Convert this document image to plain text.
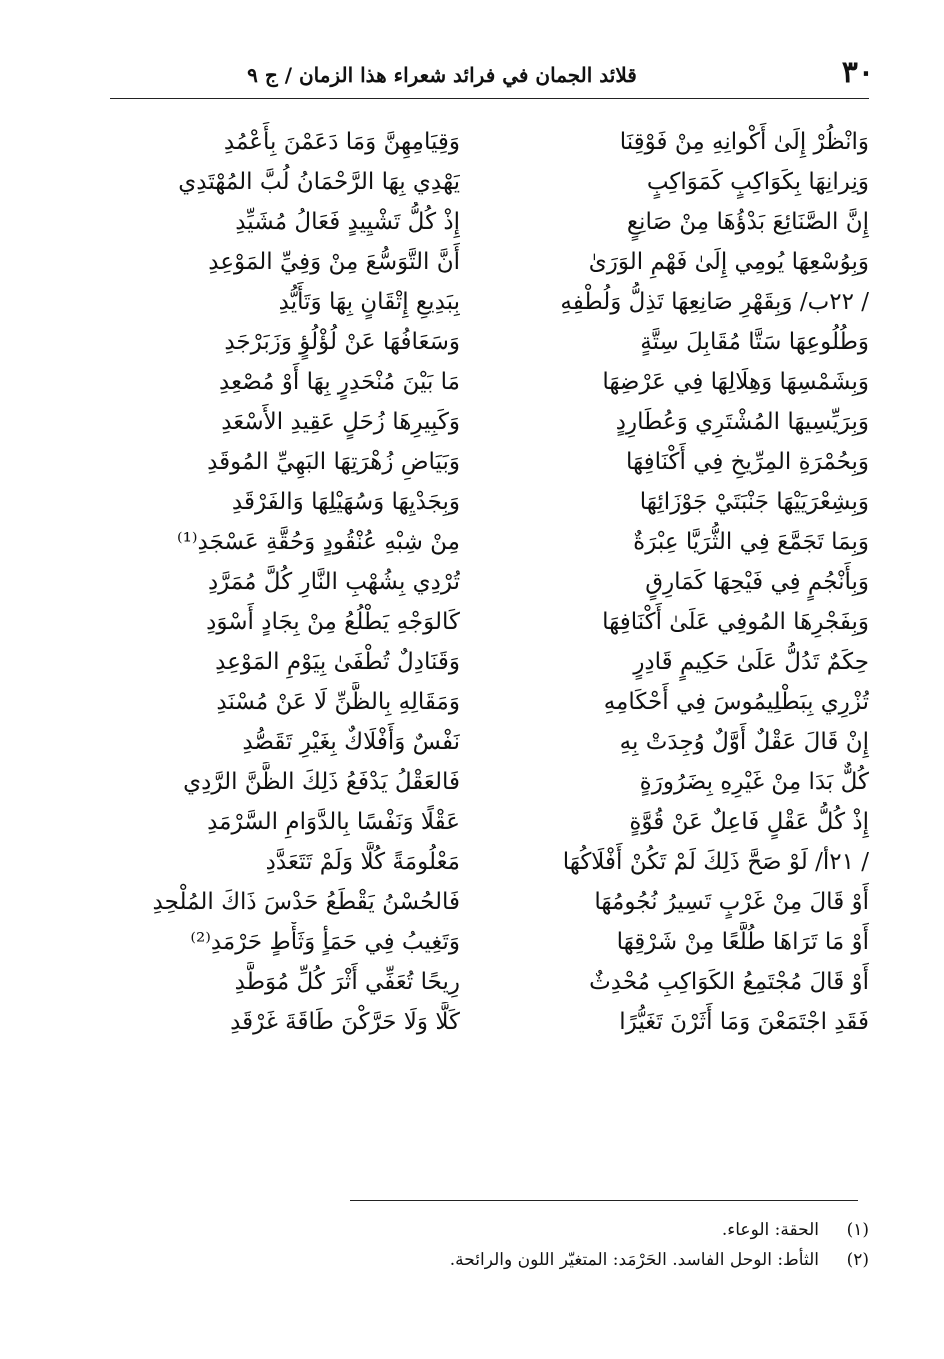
٣٠
قلائد الجمان في فرائد شعراء هذا الزمان / ج ٩
وَانْظُرْ إِلَىٰ أَكْوانِهِ مِنْ فَوْقِنَا
وَقِيَامِهِنَّ وَمَا دَعَمْنَ بِأَعْمُدِ
وَنِرانِهَا بِكَوَاكِبٍ كَمَوَاكِبٍ
يَهْدِي بِهَا الرَّحْمَانُ لُبَّ المُهْتَدِي
إِنَّ الصَّنَائِعَ بَدْؤُهَا مِنْ صَانِعٍ
إِذْ كُلُّ تَشْيِيدٍ فَعَالُ مُشَيِّدِ
وَبِوُسْعِهَا يُومِي إِلَىٰ فَهْمِ الوَرَىٰ
أَنَّ التَّوَسُّعَ مِنْ وَفِيِّ المَوْعِدِ
/ ٢٢ب/ وَبِقَهْرِ صَانِعِهَا تَذِلُّ وَلُطْفِهِ
بِبَدِيعِ إِتْقَانٍ بِهَا وَتَأَيُّدِ
وَطُلُوعِهَا سَتَّا مُقَابِلَ سِتَّةٍ
وَسَعَافُهَا عَنْ لُؤْلُؤٍ وَزَبَرْجَدِ
وَبِشَمْسِهَا وَهِلَالِهَا فِي عَرْضِهَا
مَا بَيْنَ مُنْحَدِرٍ بِهَا أَوْ مُصْعِدِ
وَبِرَيِّسِيهَا المُشْتَرِي وَعُطَارِدٍ
وَكَبِيرِهَا زُحَلٍ عَقِيدِ الأَسْعَدِ
وَبِحُمْرَةِ المِرِّيخِ فِي أَكْنَافِهَا
وَبَيَاضِ زُهْرَتِهَا البَهِيِّ المُوقَدِ
وَبِشِعْرَيَيْهَا جَنْبَتَيْ جَوْزَائِهَا
وَبِجَدْيِهَا وَسُهَيْلِهَا وَالفَرْقَدِ
وَبِمَا تَجَمَّعَ فِي الثُّرَيَّا عِبْرَةٌ
مِنْ شِبْهِ عُنْقُودٍ وَحُقَّةِ عَسْجَدِ⁽¹⁾
وَبِأَنْجُمٍ فِي فَيْحِهَا كَمَارِقٍ
تُرْدِي بِشُهْبِ النَّارِ كُلَّ مُمَرَّدِ
وَبِفَجْرِهَا المُوفِي عَلَىٰ أَكْنَافِهَا
كَالوَجْهِ يَطْلُعُ مِنْ بِجَادٍ أَسْوَدِ
حِكَمٌ تَدُلُّ عَلَىٰ حَكِيمٍ قَادِرٍ
وَقَنَادِلٌ تُطْفَىٰ بِيَوْمِ المَوْعِدِ
تُزْرِي بِبَطْلِيمُوسَ فِي أَحْكَامِهِ
وَمَقَالِهِ بِالظَّنِّ لَا عَنْ مُسْنَدِ
إِنْ قَالَ عَقْلٌ أَوَّلٌ وُجِدَتْ بِهِ
نَفْسٌ وَأَفْلَاكٌ بِغَيْرِ تَقَصُّدِ
كُلٌّ بَدَا مِنْ غَيْرِهِ بِضَرُورَةٍ
فَالعَقْلُ يَدْفَعُ ذَلِكَ الظَّنَّ الرَّدِي
إِذْ كُلُّ عَقْلٍ فَاعِلٌ عَنْ قُوَّةٍ
عَقْلًا وَنَفْسًا بِالدَّوَامِ السَّرْمَدِ
/ ٢١أ/ لَوْ صَحَّ ذَلِكَ لَمْ تَكُنْ أَفْلَاكُهَا
مَعْلُومَةً كُلًّا وَلَمْ تَتَعَدَّدِ
أَوْ قَالَ مِنْ غَرْبٍ تَسِيرُ نُجُومُهَا
فَالحُسْنُ يَقْطَعُ حَدْسَ ذَاكَ المُلْحِدِ
أَوْ مَا تَرَاهَا طُلَّعًا مِنْ شَرْقِهَا
وَتَغِيبُ فِي حَمَأٍ وَثَأْطٍ حَرْمَدِ⁽²⁾
أَوْ قَالَ مُجْتَمِعُ الكَوَاكِبِ مُحْدِثٌ
رِيحًا تُعَفِّي أَثْرَ كُلِّ مُوَطَّدِ
فَقَدِ اجْتَمَعْنَ وَمَا أَثَرْنَ تَغَيُّرًا
كَلَّا وَلَا حَرَّكْنَ طَاقَةَ غَرْقَدِ
(١)الحقة: الوعاء.
(٢)الثأط: الوحل الفاسد. الحَرْمَد: المتغيّر اللون والرائحة.
